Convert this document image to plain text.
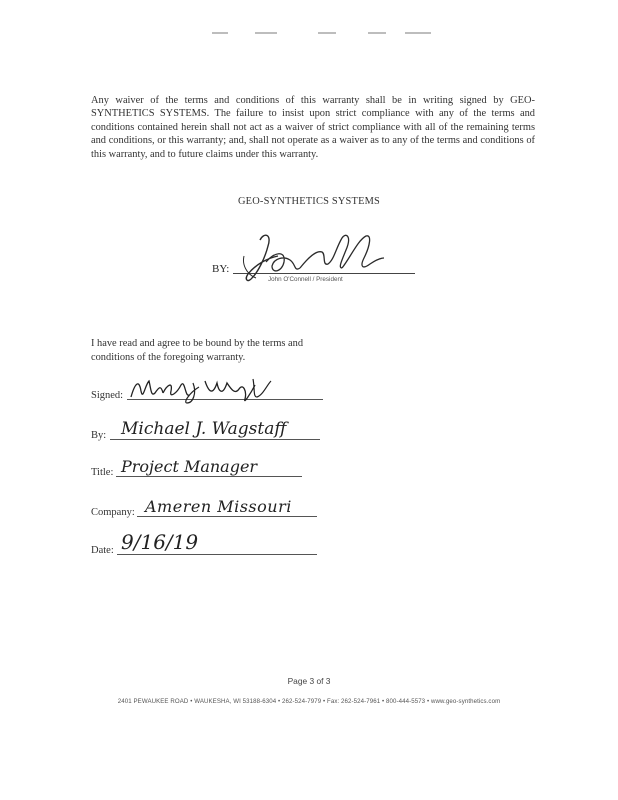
Any waiver of the terms and conditions of this warranty shall be in writing signed by GEO-SYNTHETICS SYSTEMS. The failure to insist upon strict compliance with any of the terms and conditions contained herein shall not act as a waiver of strict compliance with all of the remaining terms and conditions, or this warranty; and, shall not operate as a waiver as to any of the terms and conditions of this warranty, and to future claims under this warranty.
GEO-SYNTHETICS SYSTEMS
BY:
John O'Connell / President
I have read and agree to be bound by the terms and conditions of the foregoing warranty.
Signed:
By: Michael J. Wagstaff
Title: Project Manager
Company: Ameren Missouri
Date: 9/16/19
Page 3 of 3
2401 PEWAUKEE ROAD • WAUKESHA, WI 53188-6304 • 262-524-7979 • Fax: 262-524-7961 • 800-444-5573 • www.geo-synthetics.com
